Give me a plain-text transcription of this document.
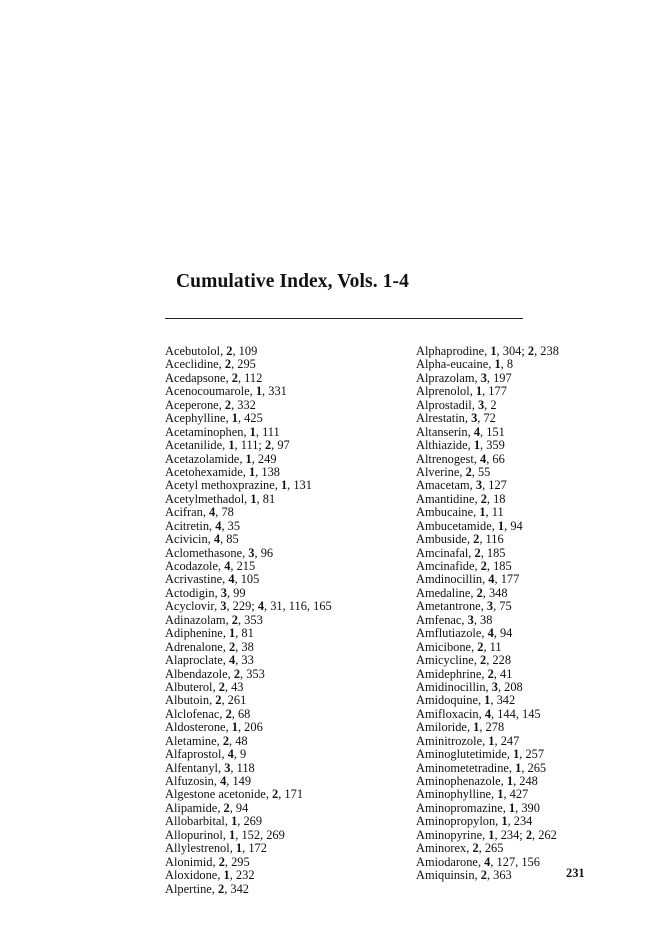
Cumulative Index, Vols. 1-4
Acebutolol, 2, 109
Aceclidine, 2, 295
Acedapsone, 2, 112
Acenocoumarole, 1, 331
Aceperone, 2, 332
Acephylline, 1, 425
Acetaminophen, 1, 111
Acetanilide, 1, 111; 2, 97
Acetazolamide, 1, 249
Acetohexamide, 1, 138
Acetyl methoxprazine, 1, 131
Acetylmethadol, 1, 81
Acifran, 4, 78
Acitretin, 4, 35
Acivicin, 4, 85
Aclomethasone, 3, 96
Acodazole, 4, 215
Acrivastine, 4, 105
Actodigin, 3, 99
Acyclovir, 3, 229; 4, 31, 116, 165
Adinazolam, 2, 353
Adiphenine, 1, 81
Adrenalone, 2, 38
Alaproclate, 4, 33
Albendazole, 2, 353
Albuterol, 2, 43
Albutoin, 2, 261
Alclofenac, 2, 68
Aldosterone, 1, 206
Aletamine, 2, 48
Alfaprostol, 4, 9
Alfentanyl, 3, 118
Alfuzosin, 4, 149
Algestone acetonide, 2, 171
Alipamide, 2, 94
Allobarbital, 1, 269
Allopurinol, 1, 152, 269
Allylestrenol, 1, 172
Alonimid, 2, 295
Aloxidone, 1, 232
Alpertine, 2, 342
Alphaprodine, 1, 304; 2, 238
Alpha-eucaine, 1, 8
Alprazolam, 3, 197
Alprenolol, 1, 177
Alprostadil, 3, 2
Alrestatin, 3, 72
Altanserin, 4, 151
Althiazide, 1, 359
Altrenogest, 4, 66
Alverine, 2, 55
Amacetam, 3, 127
Amantidine, 2, 18
Ambucaine, 1, 11
Ambucetamide, 1, 94
Ambuside, 2, 116
Amcinafal, 2, 185
Amcinafide, 2, 185
Amdinocillin, 4, 177
Amedaline, 2, 348
Ametantrone, 3, 75
Amfenac, 3, 38
Amflutiazole, 4, 94
Amicibone, 2, 11
Amicycline, 2, 228
Amidephrine, 2, 41
Amidinocillin, 3, 208
Amidoquine, 1, 342
Amifloxacin, 4, 144, 145
Amiloride, 1, 278
Aminitrozole, 1, 247
Aminoglutetimide, 1, 257
Aminometetradine, 1, 265
Aminophenazole, 1, 248
Aminophylline, 1, 427
Aminopromazine, 1, 390
Aminopropylon, 1, 234
Aminopyrine, 1, 234; 2, 262
Aminorex, 2, 265
Amiodarone, 4, 127, 156
Amiquinsin, 2, 363	231
